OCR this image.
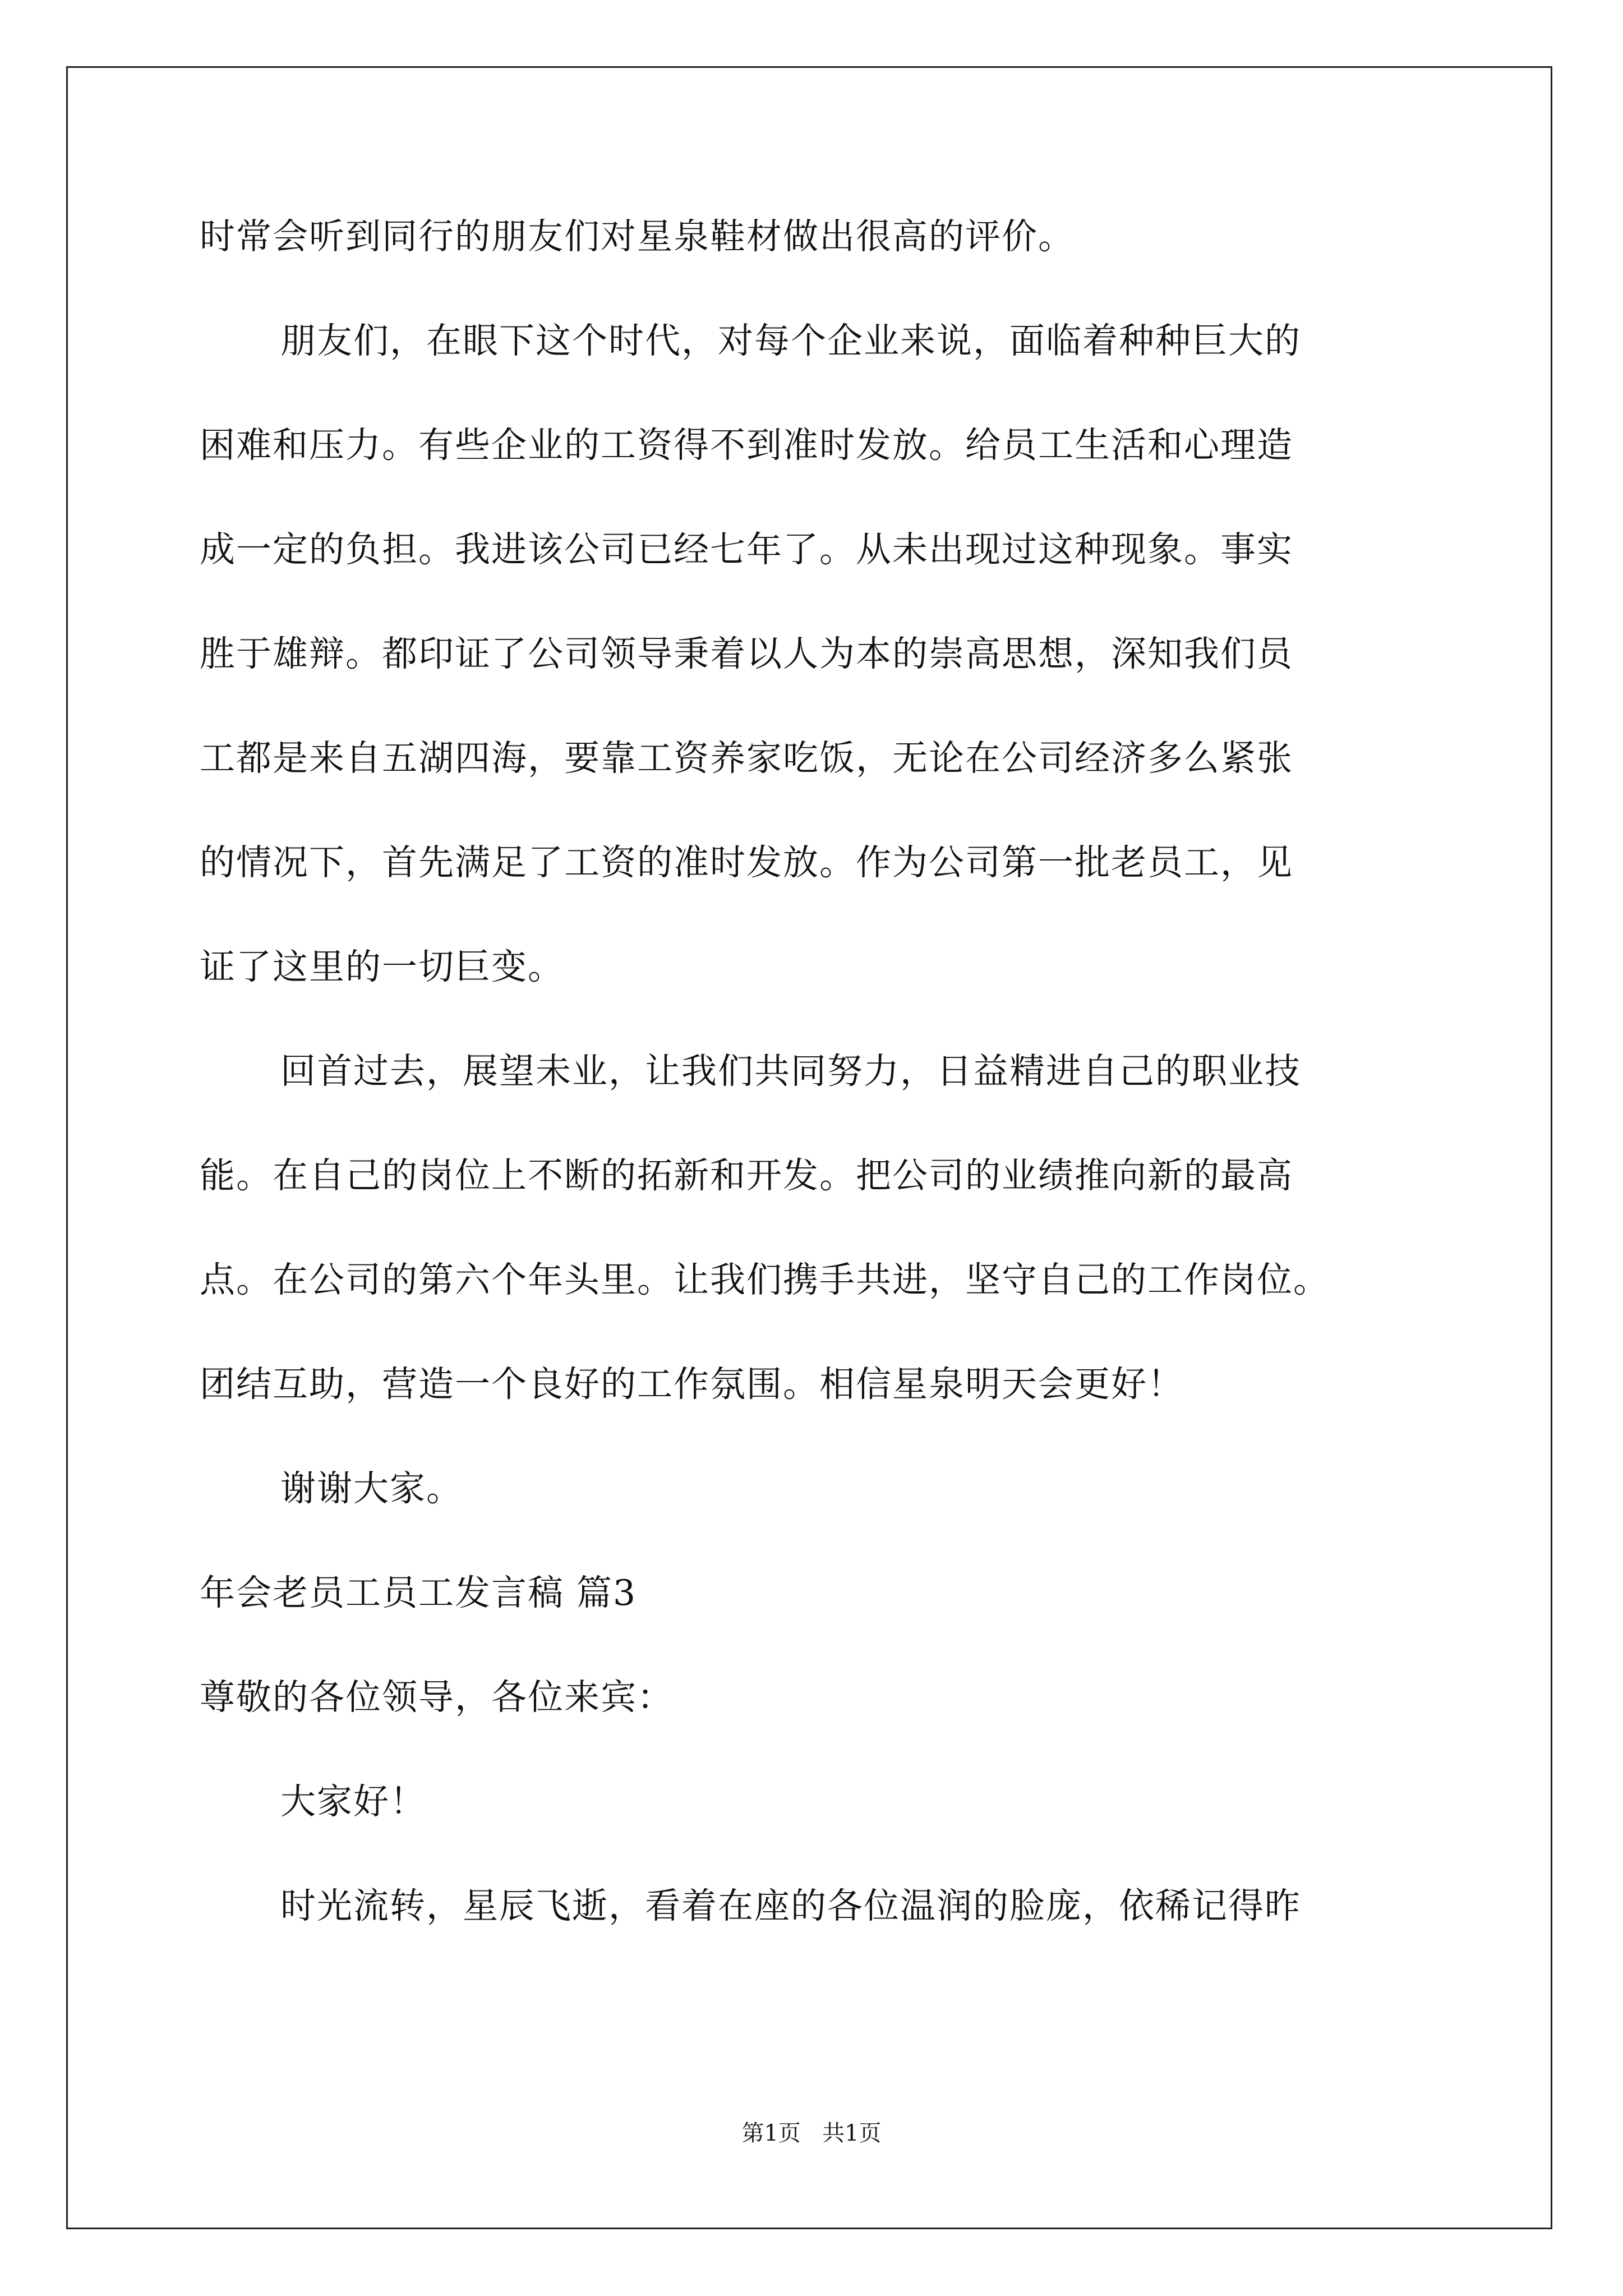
时常会听到同行的朋友们对星泉鞋材做出很高的评价。
朋友们，在眼下这个时代，对每个企业来说，面临着种种巨大的
困难和压力。有些企业的工资得不到准时发放。给员工生活和心理造
成一定的负担。我进该公司已经七年了。从未出现过这种现象。事实
胜于雄辩。都印证了公司领导秉着以人为本的崇高思想，深知我们员
工都是来自五湖四海，要靠工资养家吃饭，无论在公司经济多么紧张
的情况下，首先满足了工资的准时发放。作为公司第一批老员工，见
证了这里的一切巨变。
回首过去，展望未业，让我们共同努力，日益精进自己的职业技
能。在自己的岗位上不断的拓新和开发。把公司的业绩推向新的最高
点。在公司的第六个年头里。让我们携手共进，坚守自己的工作岗位。
团结互助，营造一个良好的工作氛围。相信星泉明天会更好！
谢谢大家。
年会老员工员工发言稿 篇3
尊敬的各位领导，各位来宾：
大家好！
时光流转，星辰飞逝，看着在座的各位温润的脸庞，依稀记得昨
第1页   共1页
